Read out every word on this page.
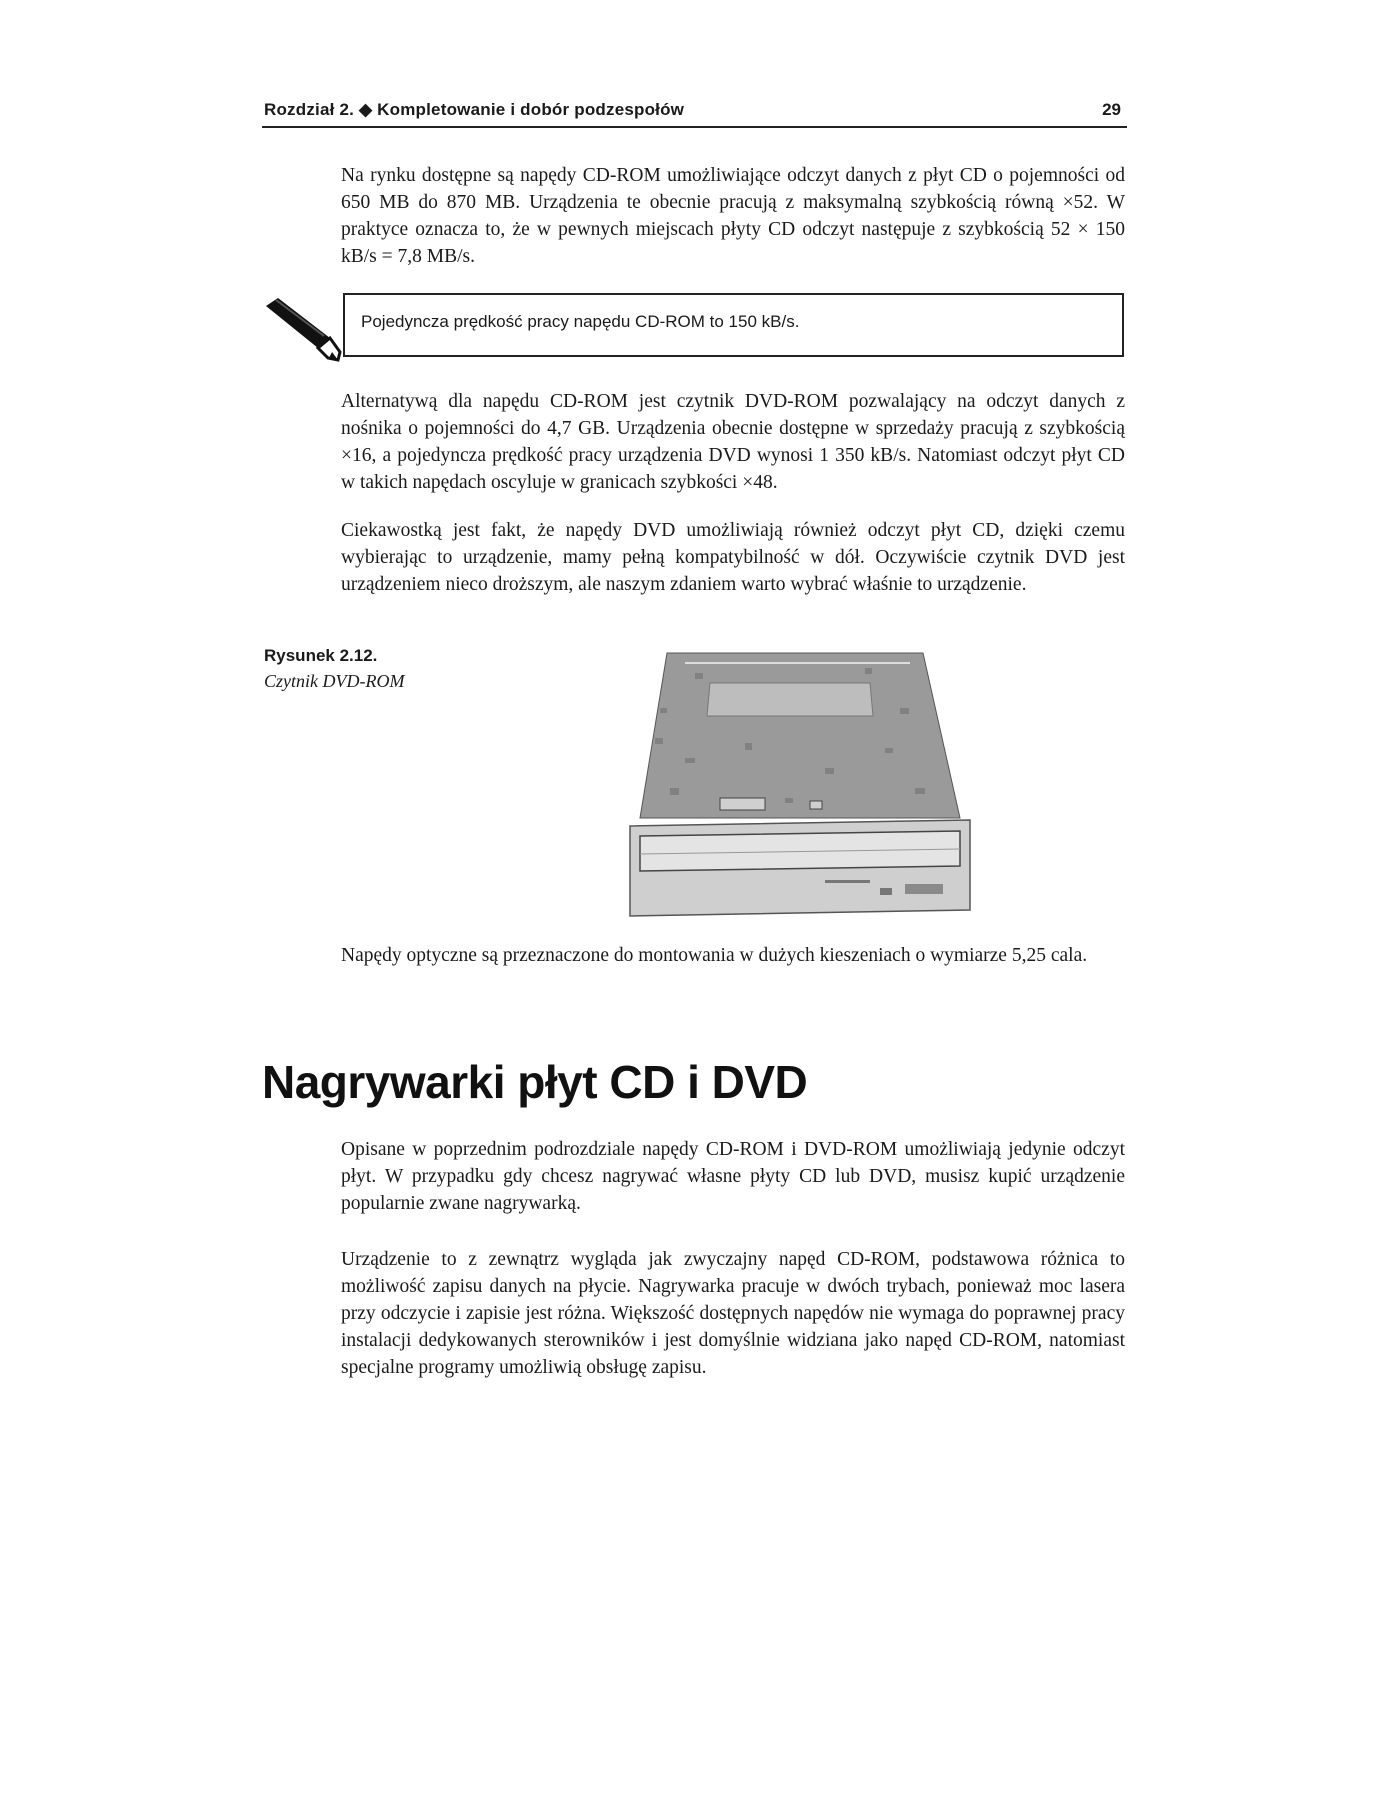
Rozdział 2. ◆ Kompletowanie i dobór podzespołów	29

Na rynku dostępne są napędy CD-ROM umożliwiające odczyt danych z płyt CD o pojemności od 650 MB do 870 MB. Urządzenia te obecnie pracują z maksymalną szybkością równą ×52. W praktyce oznacza to, że w pewnych miejscach płyty CD odczyt następuje z szybkością 52 × 150 kB/s = 7,8 MB/s.

Pojedyncza prędkość pracy napędu CD-ROM to 150 kB/s.

Alternatywą dla napędu CD-ROM jest czytnik DVD-ROM pozwalający na odczyt danych z nośnika o pojemności do 4,7 GB. Urządzenia obecnie dostępne w sprzedaży pracują z szybkością ×16, a pojedyncza prędkość pracy urządzenia DVD wynosi 1 350 kB/s. Natomiast odczyt płyt CD w takich napędach oscyluje w granicach szybkości ×48.

Ciekawostką jest fakt, że napędy DVD umożliwiają również odczyt płyt CD, dzięki czemu wybierając to urządzenie, mamy pełną kompatybilność w dół. Oczywiście czytnik DVD jest urządzeniem nieco droższym, ale naszym zdaniem warto wybrać właśnie to urządzenie.

Rysunek 2.12.
Czytnik DVD-ROM

Napędy optyczne są przeznaczone do montowania w dużych kieszeniach o wymiarze 5,25 cala.

Nagrywarki płyt CD i DVD

Opisane w poprzednim podrozdziale napędy CD-ROM i DVD-ROM umożliwiają jedynie odczyt płyt. W przypadku gdy chcesz nagrywać własne płyty CD lub DVD, musisz kupić urządzenie popularnie zwane nagrywarką.

Urządzenie to z zewnątrz wygląda jak zwyczajny napęd CD-ROM, podstawowa różnica to możliwość zapisu danych na płycie. Nagrywarka pracuje w dwóch trybach, ponieważ moc lasera przy odczycie i zapisie jest różna. Większość dostępnych napędów nie wymaga do poprawnej pracy instalacji dedykowanych sterowników i jest domyślnie widziana jako napęd CD-ROM, natomiast specjalne programy umożliwią obsługę zapisu.
